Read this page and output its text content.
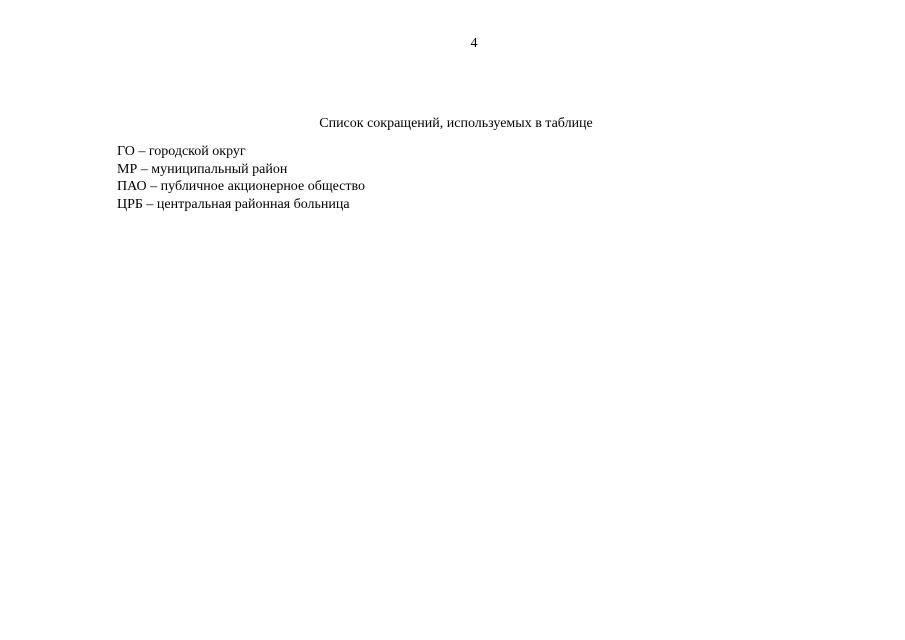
4
Список сокращений, используемых в таблице
ГО – городской округ
МР – муниципальный район
ПАО – публичное акционерное общество
ЦРБ – центральная районная больница
